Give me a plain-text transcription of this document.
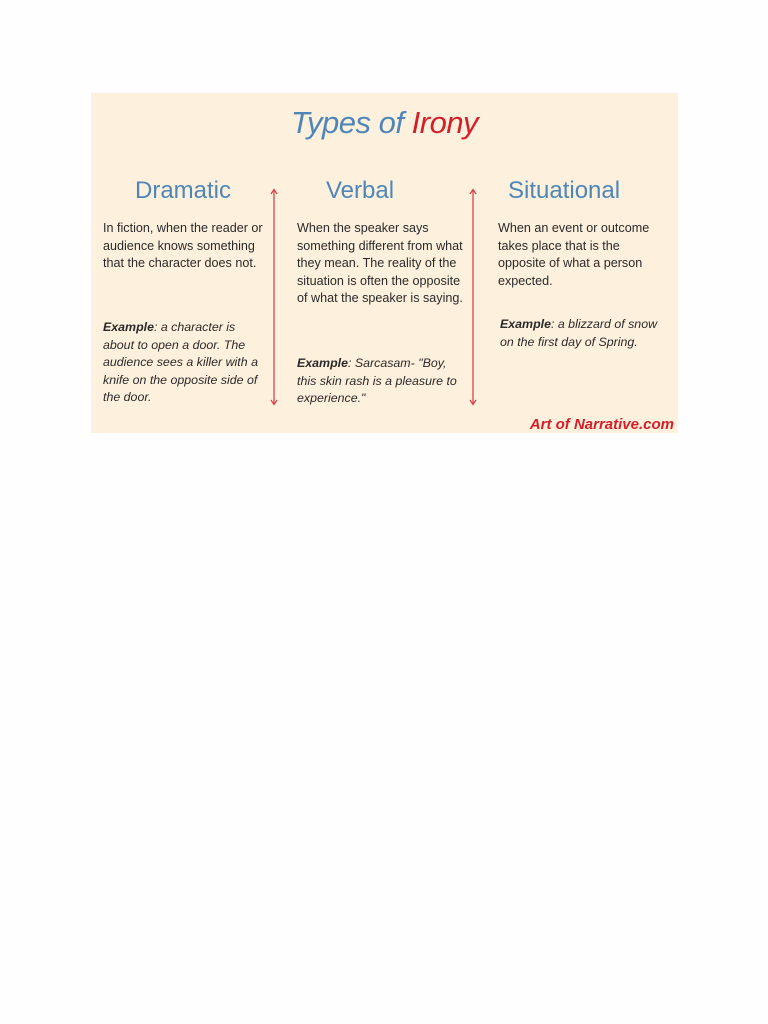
Types of Irony
Dramatic
In fiction, when the reader or audience knows something that the character does not.
Example: a character is about to open a door. The audience sees a killer with a knife on the opposite side of the door.
Verbal
When the speaker says something different from what they mean. The reality of the situation is often the opposite of what the speaker is saying.
Example: Sarcasam- "Boy, this skin rash is a pleasure to experience."
Situational
When an event or outcome takes place that is the opposite of what a person expected.
Example: a blizzard of snow on the first day of Spring.
Art of Narrative.com
